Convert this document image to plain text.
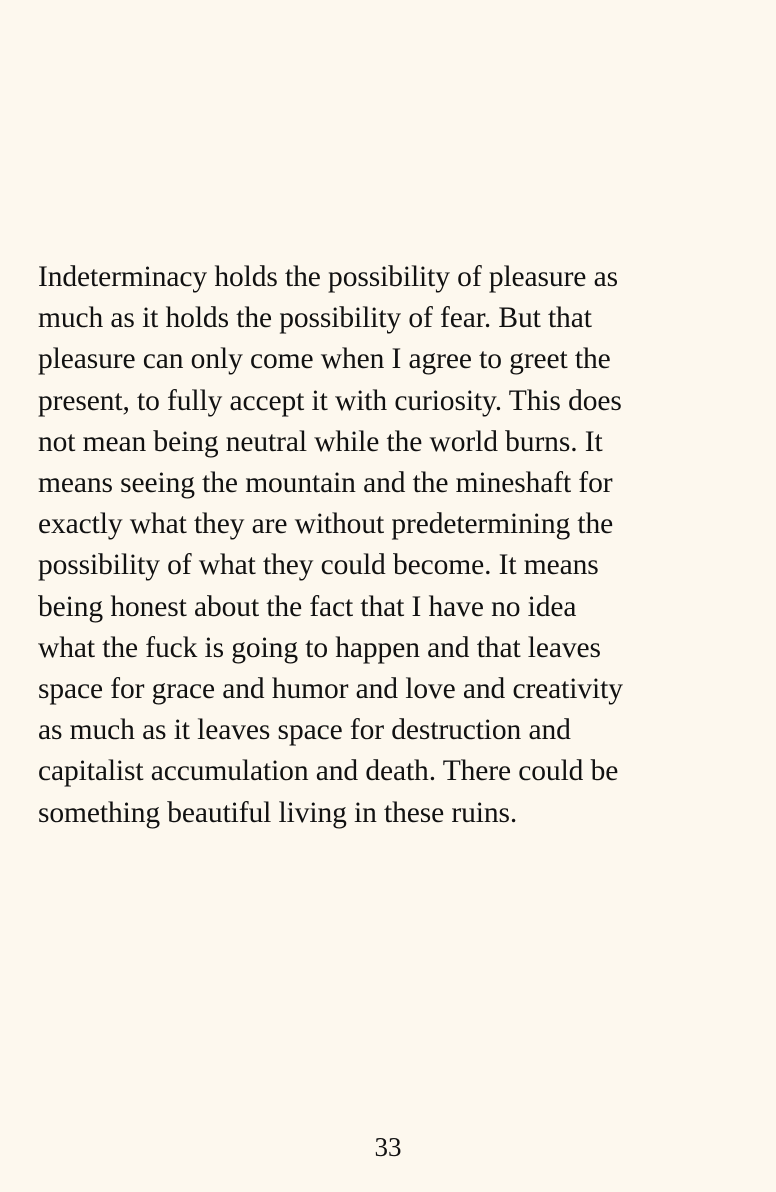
Indeterminacy holds the possibility of pleasure as
much as it holds the possibility of fear. But that
pleasure can only come when I agree to greet the
present, to fully accept it with curiosity. This does
not mean being neutral while the world burns. It
means seeing the mountain and the mineshaft for
exactly what they are without predetermining the
possibility of what they could become. It means
being honest about the fact that I have no idea
what the fuck is going to happen and that leaves
space for grace and humor and love and creativity
as much as it leaves space for destruction and
capitalist accumulation and death. There could be
something beautiful living in these ruins.
33
